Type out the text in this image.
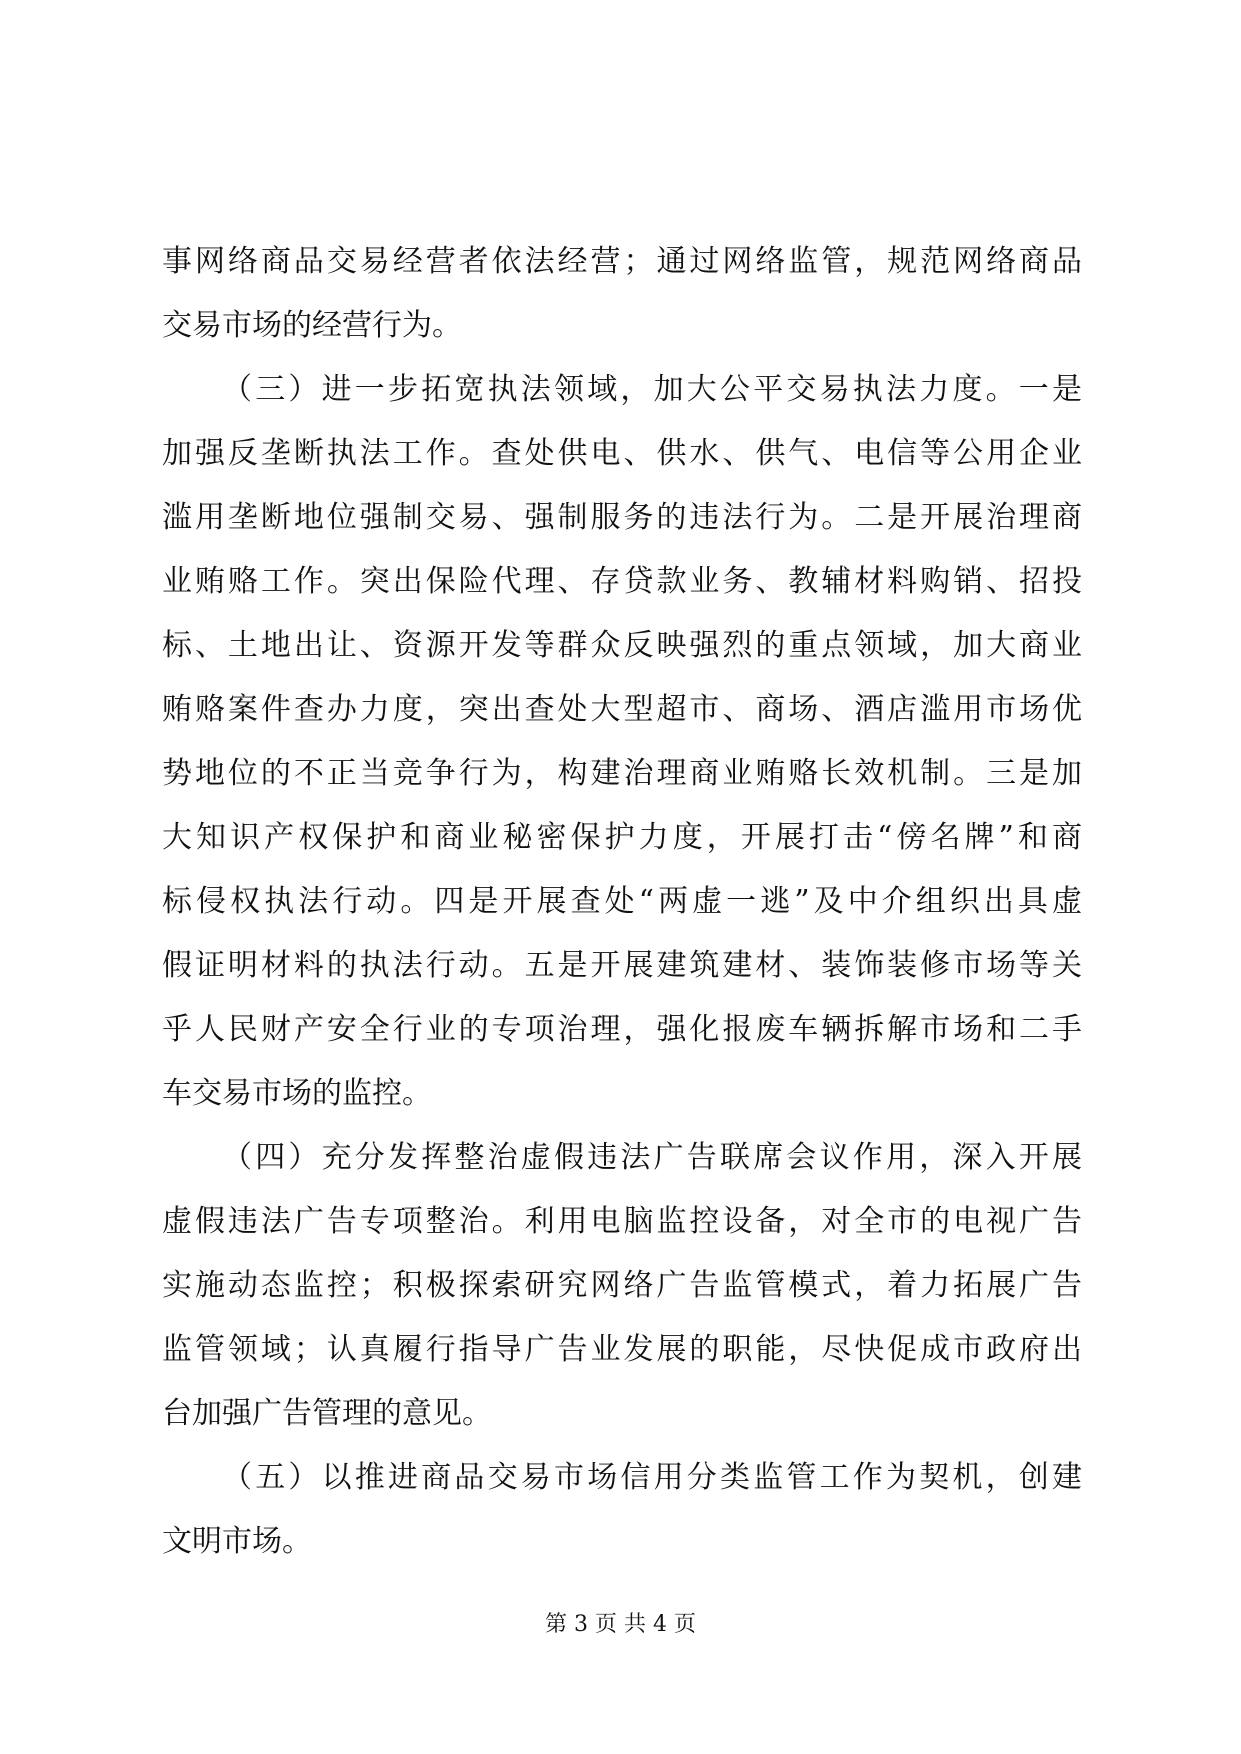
事网络商品交易经营者依法经营；通过网络监管，规范网络商品
交易市场的经营行为。
（三）进一步拓宽执法领域，加大公平交易执法力度。一是
加强反垄断执法工作。查处供电、供水、供气、电信等公用企业
滥用垄断地位强制交易、强制服务的违法行为。二是开展治理商
业贿赂工作。突出保险代理、存贷款业务、教辅材料购销、招投
标、土地出让、资源开发等群众反映强烈的重点领域，加大商业
贿赂案件查办力度，突出查处大型超市、商场、酒店滥用市场优
势地位的不正当竞争行为，构建治理商业贿赂长效机制。三是加
大知识产权保护和商业秘密保护力度，开展打击“傍名牌”和商
标侵权执法行动。四是开展查处“两虚一逃”及中介组织出具虚
假证明材料的执法行动。五是开展建筑建材、装饰装修市场等关
乎人民财产安全行业的专项治理，强化报废车辆拆解市场和二手
车交易市场的监控。
（四）充分发挥整治虚假违法广告联席会议作用，深入开展
虚假违法广告专项整治。利用电脑监控设备，对全市的电视广告
实施动态监控；积极探索研究网络广告监管模式，着力拓展广告
监管领域；认真履行指导广告业发展的职能，尽快促成市政府出
台加强广告管理的意见。
（五）以推进商品交易市场信用分类监管工作为契机，创建
文明市场。
第 3 页 共 4 页
